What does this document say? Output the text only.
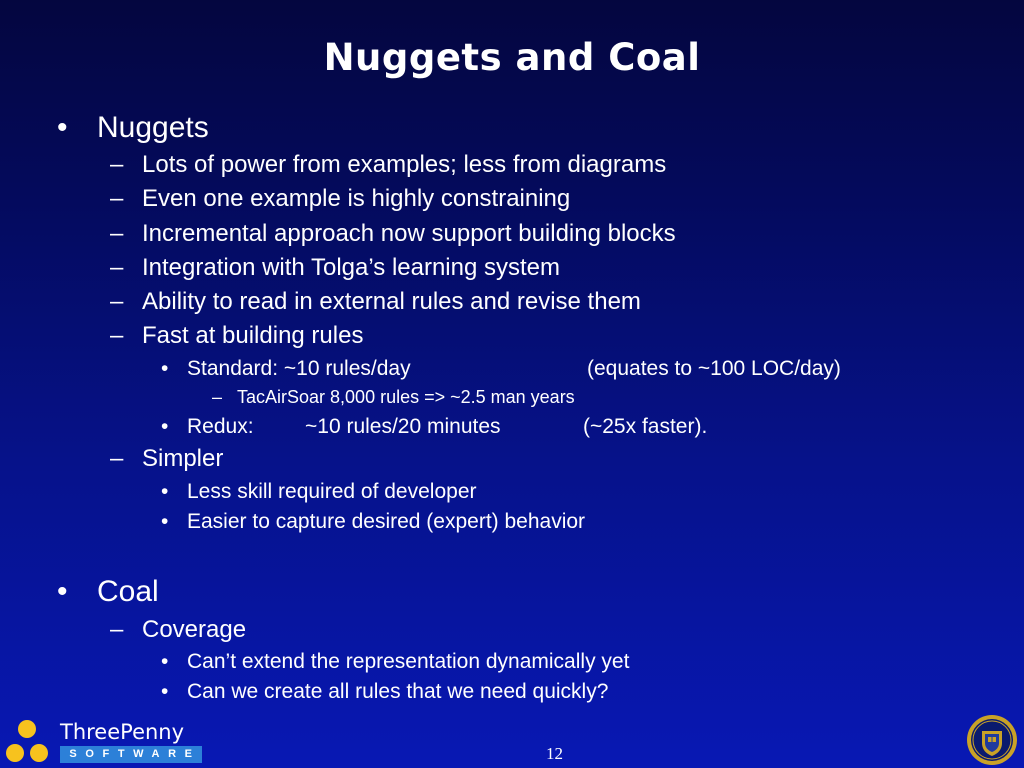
Nuggets and Coal
• Nuggets
– Lots of power from examples; less from diagrams
– Even one example is highly constraining
– Incremental approach now support building blocks
– Integration with Tolga’s learning system
– Ability to read in external rules and revise them
– Fast at building rules
• Standard: ~10 rules/day	(equates to ~100 LOC/day)
– TacAirSoar 8,000 rules => ~2.5 man years
• Redux: ~10 rules/20 minutes	(~25x faster).
– Simpler
• Less skill required of developer
• Easier to capture desired (expert) behavior
• Coal
– Coverage
• Can’t extend the representation dynamically yet
• Can we create all rules that we need quickly?
ThreePenny
SOFTWARE	12
